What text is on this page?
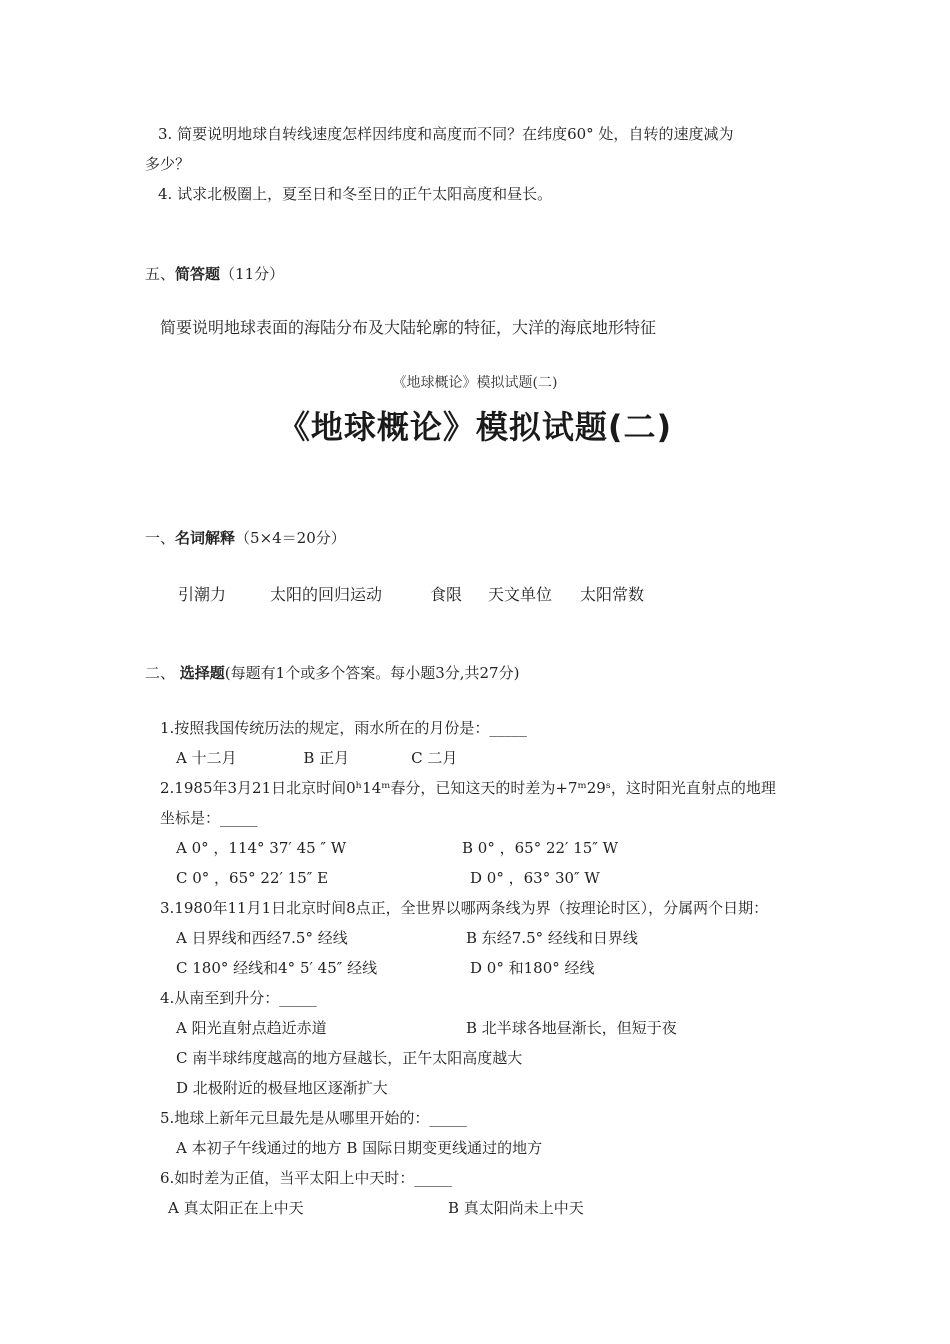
3. 简要说明地球自转线速度怎样因纬度和高度而不同？在纬度60° 处，自转的速度减为
多少？
4. 试求北极圈上，夏至日和冬至日的正午太阳高度和昼长。
五、简答题（11分）
简要说明地球表面的海陆分布及大陆轮廓的特征，大洋的海底地形特征
《地球概论》模拟试题(二)
《地球概论》模拟试题(二)
一、名词解释（5×4＝20分）
引潮力	太阳的回归运动	食限 天文单位 太阳常数
二、 选择题(每题有1个或多个答案。每小题3分,共27分)
1.按照我国传统历法的规定，雨水所在的月份是：_____
A 十二月              B 正月             C 二月
2.1985年3月21日北京时间0ʰ14ᵐ春分，已知这天的时差为+7ᵐ29ˢ，这时阳光直射点的地理
坐标是：_____
A 0° ，114° 37′ 45 ″ W	B 0° ，65° 22′ 15″ W
C 0° ，65° 22′ 15″ E	D 0° ，63° 30″ W
3.1980年11月1日北京时间8点正，全世界以哪两条线为界（按理论时区），分属两个日期：
A 日界线和西经7.5° 经线	B 东经7.5° 经线和日界线
C 180° 经线和4° 5′ 45″ 经线	D 0° 和180° 经线
4.从南至到升分：_____
A 阳光直射点趋近赤道	B 北半球各地昼渐长，但短于夜
C 南半球纬度越高的地方昼越长，正午太阳高度越大
D 北极附近的极昼地区逐渐扩大
5.地球上新年元旦最先是从哪里开始的：_____
A 本初子午线通过的地方 B 国际日期变更线通过的地方
6.如时差为正值，当平太阳上中天时：_____
A 真太阳正在上中天	B 真太阳尚未上中天
